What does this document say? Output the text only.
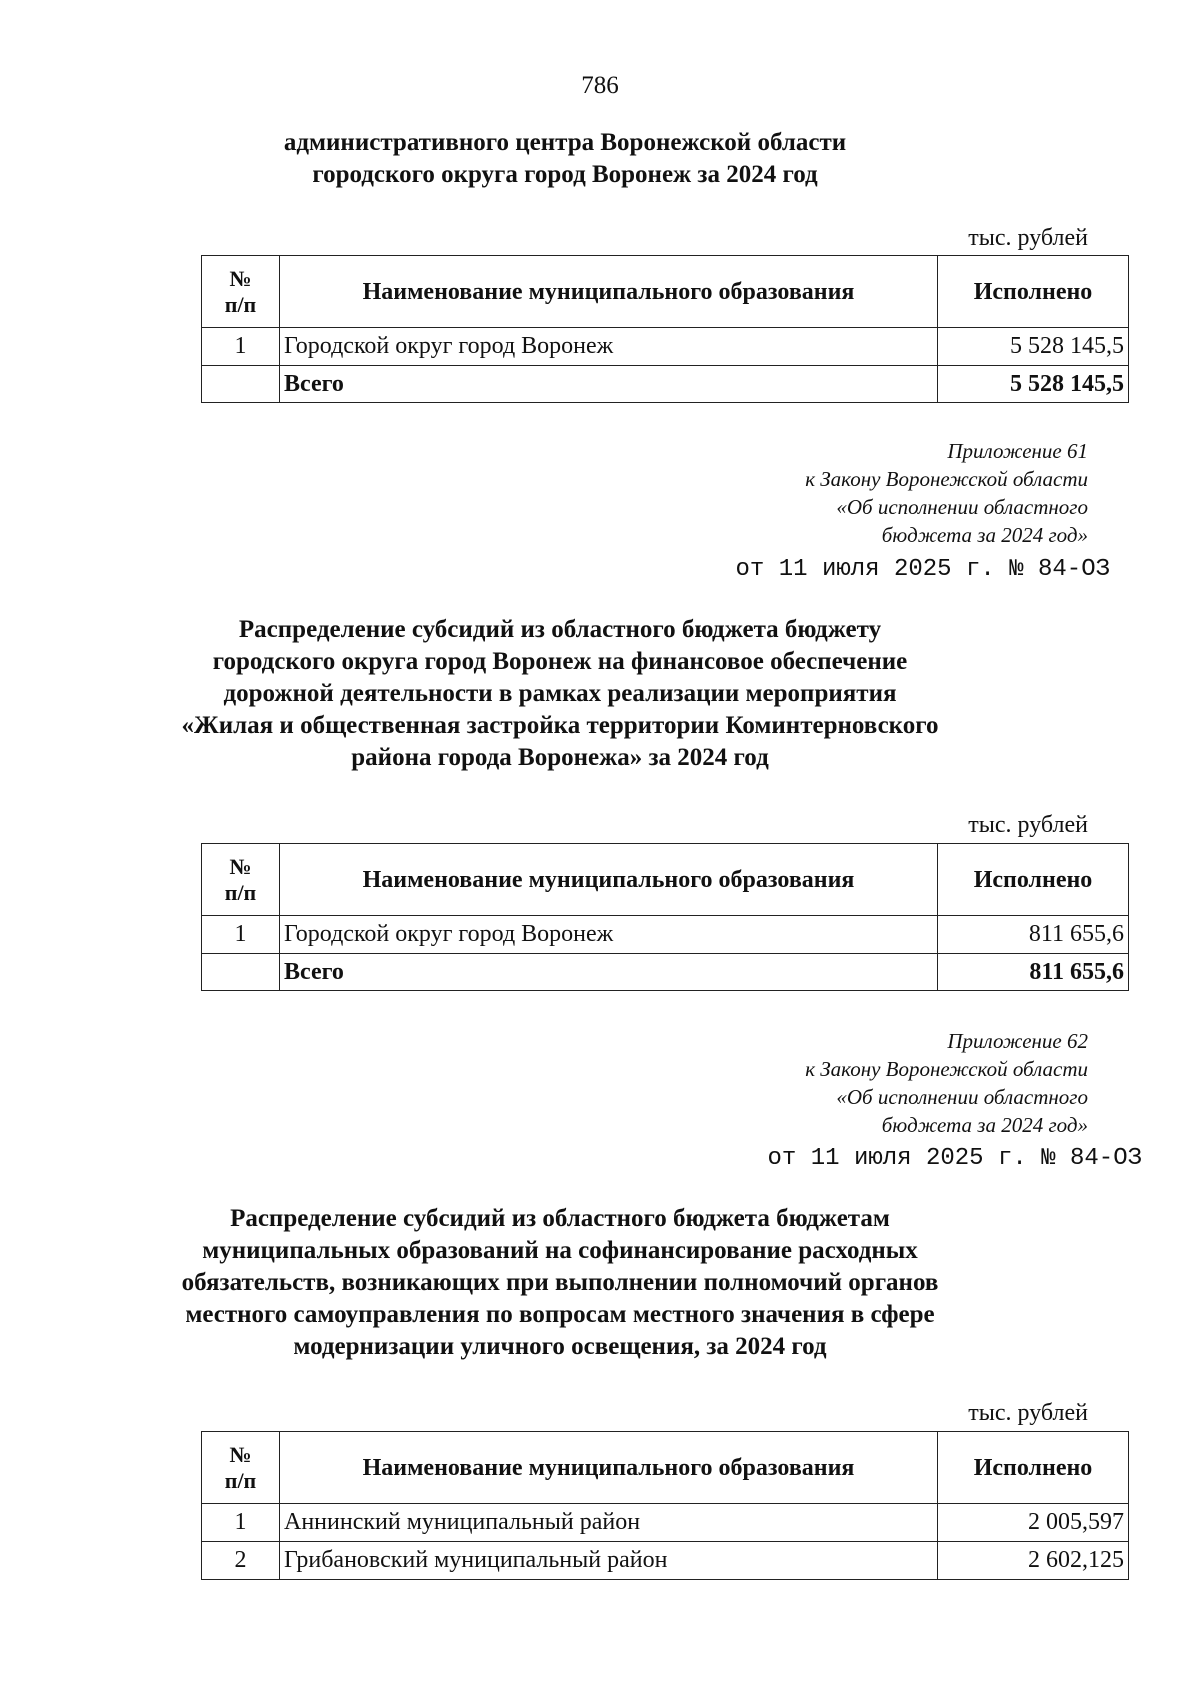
786
административного центра Воронежской области
городского округа город Воронеж за 2024 год
тыс. рублей
№
п/п	Наименование муниципального образования	Исполнено
1	Городской округ город Воронеж	5 528 145,5
	Всего	5 528 145,5
Приложение 61
к Закону Воронежской области
«Об исполнении областного
бюджета за 2024 год»
от 11 июля 2025 г. № 84-ОЗ
Распределение субсидий из областного бюджета бюджету
городского округа город Воронеж на финансовое обеспечение
дорожной деятельности в рамках реализации мероприятия
«Жилая и общественная застройка территории Коминтерновского
района города Воронежа» за 2024 год
тыс. рублей
№
п/п	Наименование муниципального образования	Исполнено
1	Городской округ город Воронеж	811 655,6
	Всего	811 655,6
Приложение 62
к Закону Воронежской области
«Об исполнении областного
бюджета за 2024 год»
от 11 июля 2025 г. № 84-ОЗ
Распределение субсидий из областного бюджета бюджетам
муниципальных образований на софинансирование расходных
обязательств, возникающих при выполнении полномочий органов
местного самоуправления по вопросам местного значения в сфере
модернизации уличного освещения, за 2024 год
тыс. рублей
№
п/п	Наименование муниципального образования	Исполнено
1	Аннинский муниципальный район	2 005,597
2	Грибановский муниципальный район	2 602,125
